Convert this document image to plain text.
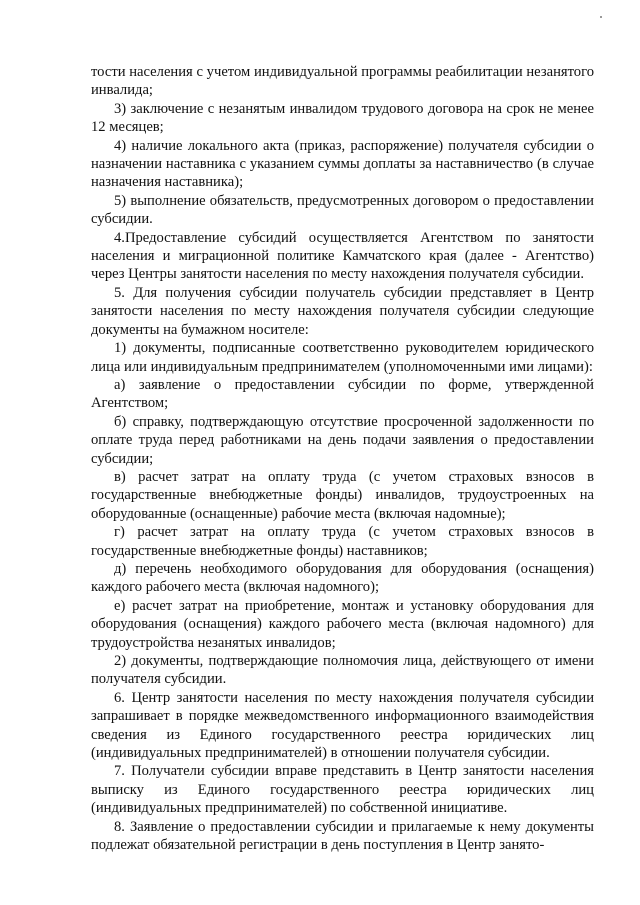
тости населения с учетом индивидуальной программы реабилитации незанятого инвалида;

3) заключение с незанятым инвалидом трудового договора на срок не менее 12 месяцев;

4) наличие локального акта (приказ, распоряжение) получателя субсидии о назначении наставника с указанием суммы доплаты за наставничество (в случае назначения наставника);

5) выполнение обязательств, предусмотренных договором о предоставлении субсидии.

4.Предоставление субсидий осуществляется Агентством по занятости населения и миграционной политике Камчатского края (далее - Агентство) через Центры занятости населения по месту нахождения получателя субсидии.

5. Для получения субсидии получатель субсидии представляет в Центр занятости населения по месту нахождения получателя субсидии следующие документы на бумажном носителе:

1) документы, подписанные соответственно руководителем юридического лица или индивидуальным предпринимателем (уполномоченными ими лицами):

а) заявление о предоставлении субсидии по форме, утвержденной Агентством;

б) справку, подтверждающую отсутствие просроченной задолженности по оплате труда перед работниками на день подачи заявления о предоставлении субсидии;

в) расчет затрат на оплату труда (с учетом страховых взносов в государственные внебюджетные фонды) инвалидов, трудоустроенных на оборудованные (оснащенные) рабочие места (включая надомные);

г) расчет затрат на оплату труда (с учетом страховых взносов в государственные внебюджетные фонды) наставников;

д) перечень необходимого оборудования для оборудования (оснащения) каждого рабочего места (включая надомного);

е) расчет затрат на приобретение, монтаж и установку оборудования для оборудования (оснащения) каждого рабочего места (включая надомного) для трудоустройства незанятых инвалидов;

2) документы, подтверждающие полномочия лица, действующего от имени получателя субсидии.

6. Центр занятости населения по месту нахождения получателя субсидии запрашивает в порядке межведомственного информационного взаимодействия сведения из Единого государственного реестра юридических лиц (индивидуальных предпринимателей) в отношении получателя субсидии.

7. Получатели субсидии вправе представить в Центр занятости населения выписку из Единого государственного реестра юридических лиц (индивидуальных предпринимателей) по собственной инициативе.

8. Заявление о предоставлении субсидии и прилагаемые к нему документы подлежат обязательной регистрации в день поступления в Центр занято-
